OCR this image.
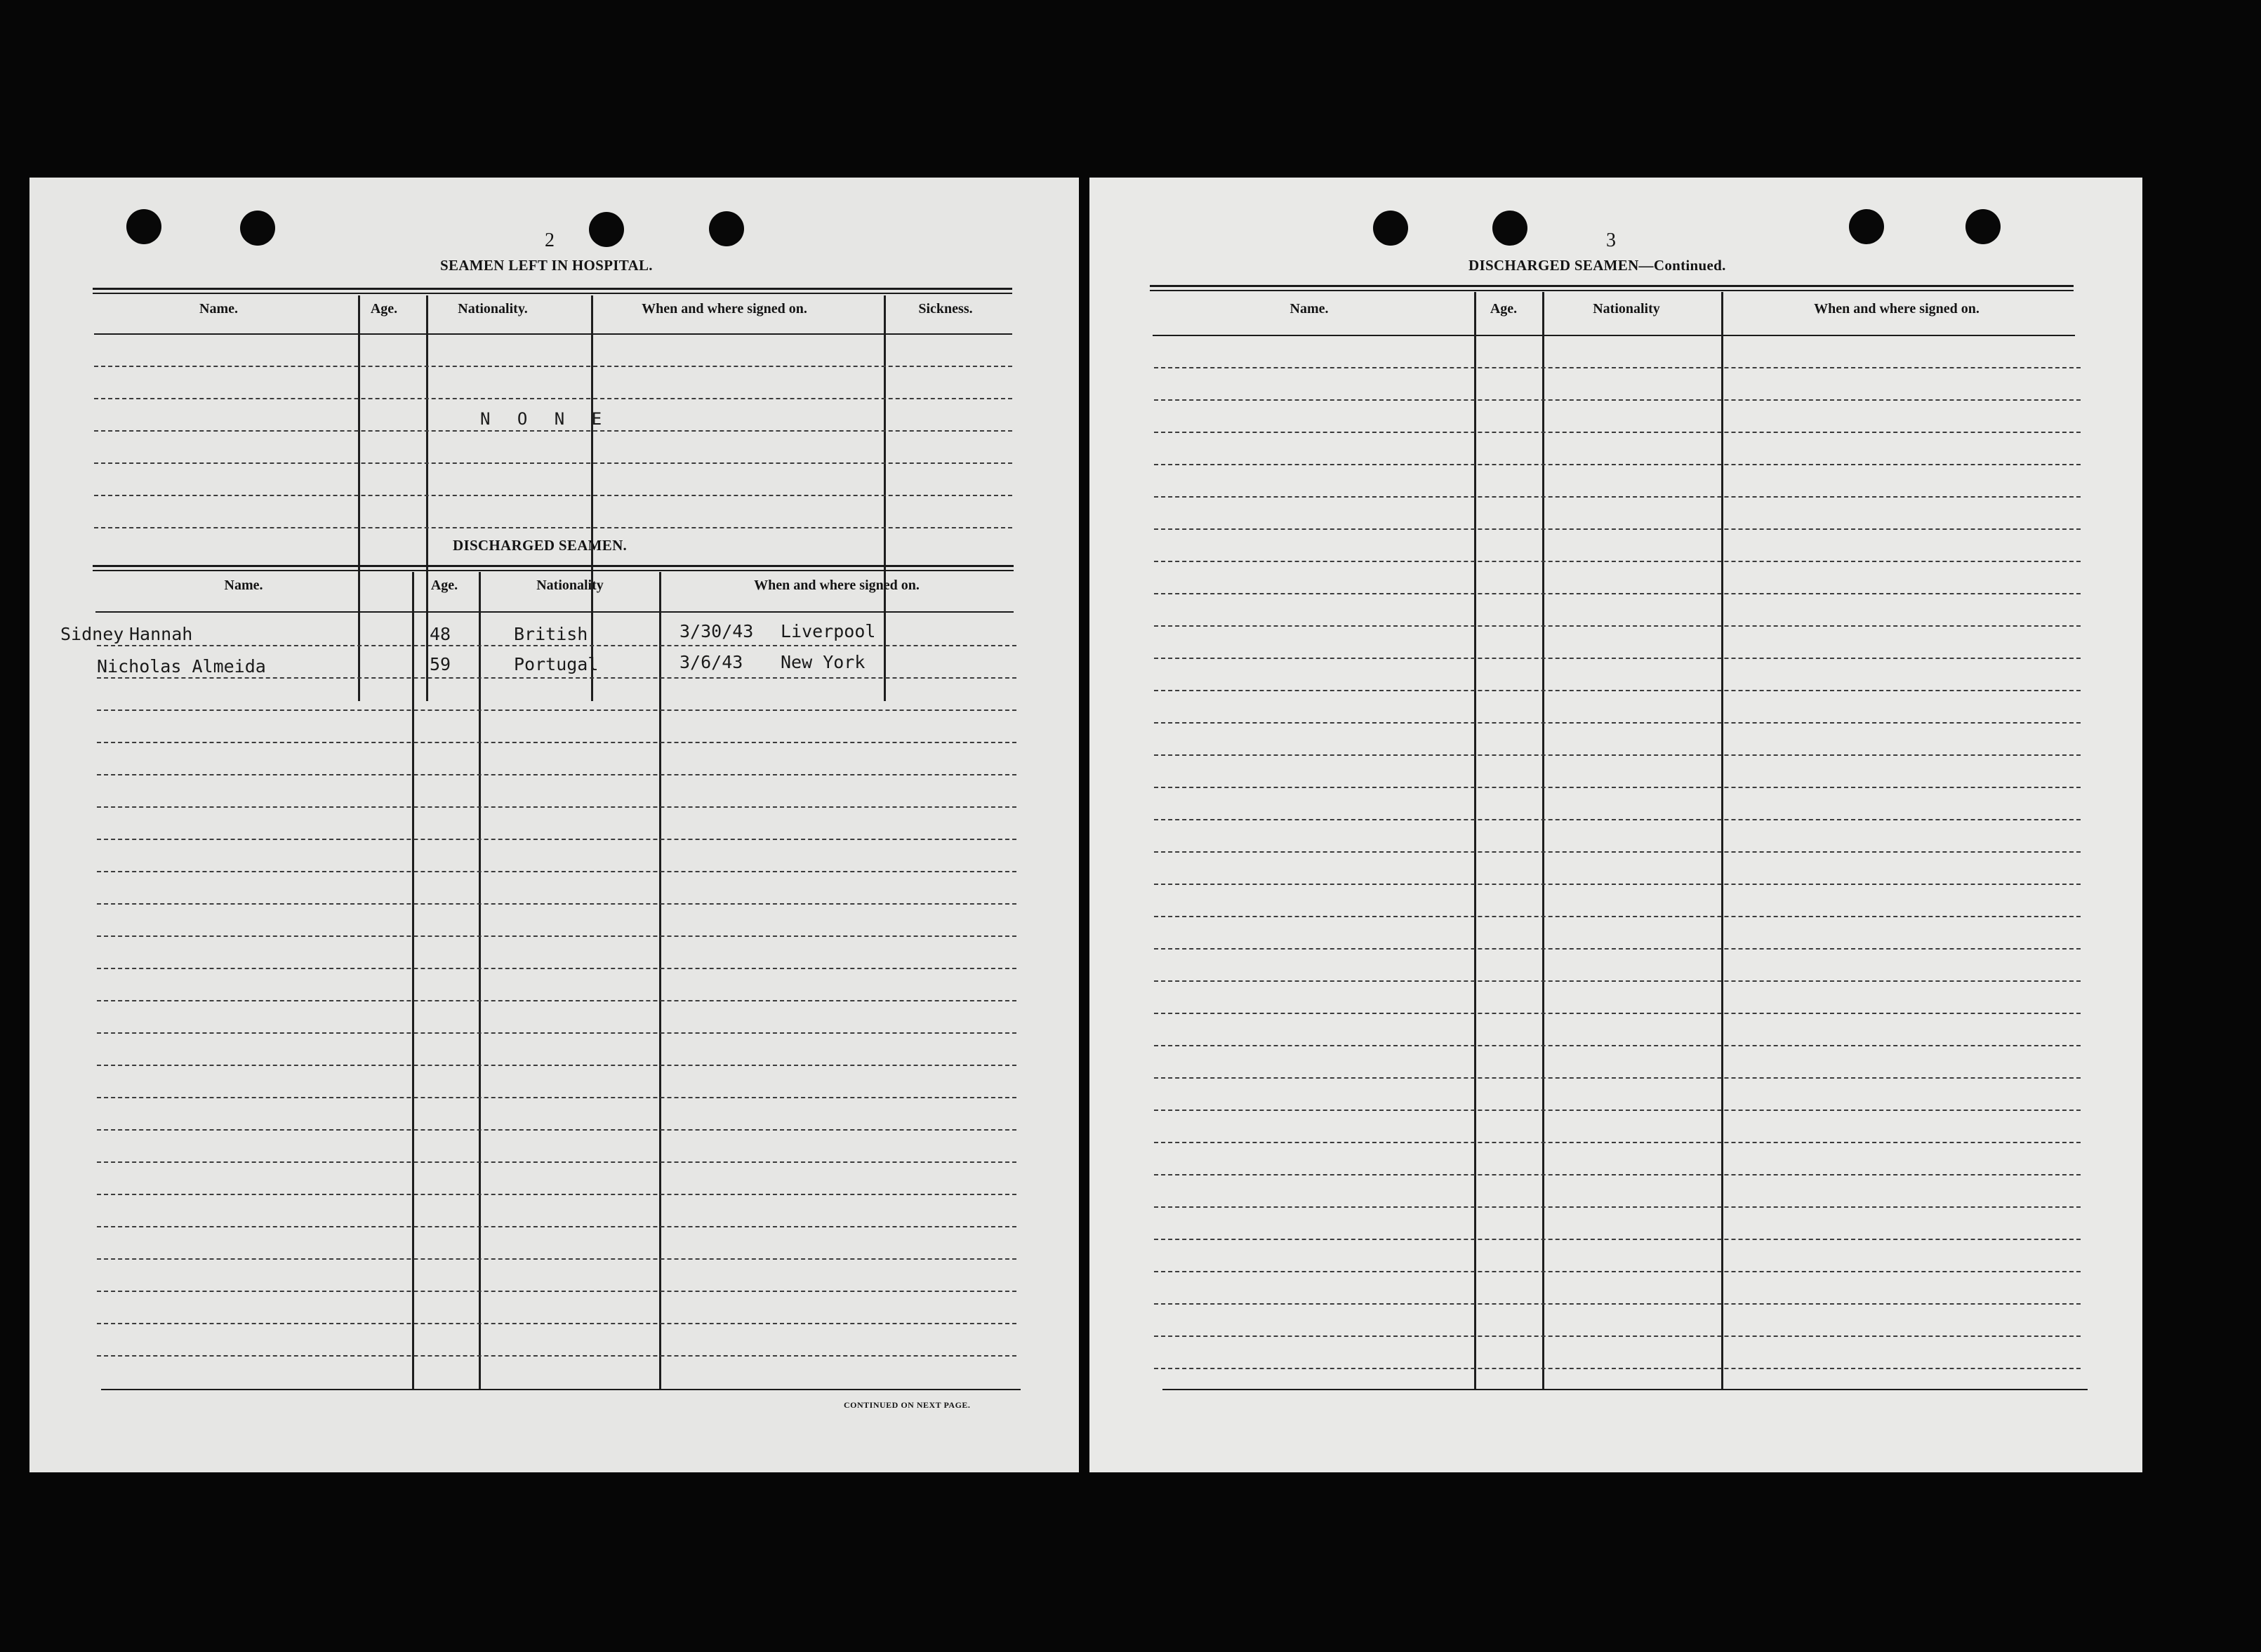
2
SEAMEN LEFT IN HOSPITAL.
Name.	Age.	Nationality.	When and where signed on.	Sickness.
N O N E
DISCHARGED SEAMEN.
Name.	Age.	Nationality	When and where signed on.
Sidney Hannah	48	British	3/30/43 Liverpool
Nicholas Almeida	59	Portugal	3/6/43 New York
CONTINUED ON NEXT PAGE.
3
DISCHARGED SEAMEN—Continued.
Name.	Age.	Nationality	When and where signed on.
